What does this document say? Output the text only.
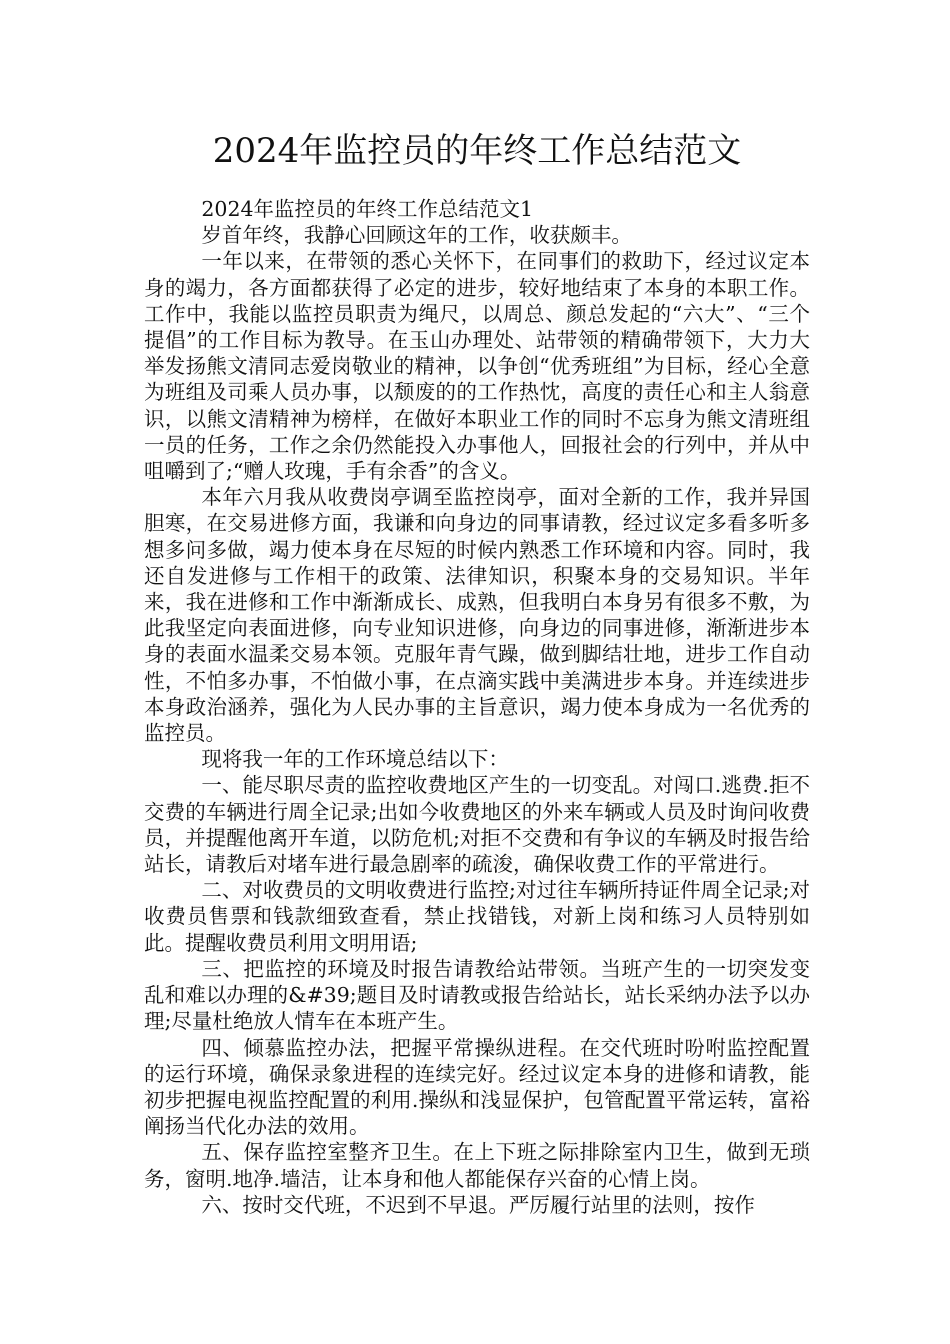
2024年监控员的年终工作总结范文

2024年监控员的年终工作总结范文1

岁首年终，我静心回顾这年的工作，收获颇丰。

一年以来，在带领的悉心关怀下，在同事们的救助下，经过议定本身的竭力，各方面都获得了必定的进步，较好地结束了本身的本职工作。工作中，我能以监控员职责为绳尺，以周总、颜总发起的“六大”、“三个提倡”的工作目标为教导。在玉山办理处、站带领的精确带领下，大力大举发扬熊文清同志爱岗敬业的精神，以争创“优秀班组”为目标，经心全意为班组及司乘人员办事，以颓废的的工作热忱，高度的责任心和主人翁意识，以熊文清精神为榜样，在做好本职业工作的同时不忘身为熊文清班组一员的任务，工作之余仍然能投入办事他人，回报社会的行列中，并从中咀嚼到了;“赠人玫瑰，手有余香”的含义。

本年六月我从收费岗亭调至监控岗亭，面对全新的工作，我并异国胆寒，在交易进修方面，我谦和向身边的同事请教，经过议定多看多听多想多问多做，竭力使本身在尽短的时候内熟悉工作环境和内容。同时，我还自发进修与工作相干的政策、法律知识，积聚本身的交易知识。半年来，我在进修和工作中渐渐成长、成熟，但我明白本身另有很多不敷，为此我坚定向表面进修，向专业知识进修，向身边的同事进修，渐渐进步本身的表面水温柔交易本领。克服年青气躁，做到脚结壮地，进步工作自动性，不怕多办事，不怕做小事，在点滴实践中美满进步本身。并连续进步本身政治涵养，强化为人民办事的主旨意识，竭力使本身成为一名优秀的监控员。

现将我一年的工作环境总结以下：

一、能尽职尽责的监控收费地区产生的一切变乱。对闯口.逃费.拒不交费的车辆进行周全记录;出如今收费地区的外来车辆或人员及时询问收费员，并提醒他离开车道，以防危机;对拒不交费和有争议的车辆及时报告给站长，请教后对堵车进行最急剧率的疏浚，确保收费工作的平常进行。

二、对收费员的文明收费进行监控;对过往车辆所持证件周全记录;对收费员售票和钱款细致查看，禁止找错钱，对新上岗和练习人员特别如此。提醒收费员利用文明用语;

三、把监控的环境及时报告请教给站带领。当班产生的一切突发变乱和难以办理的&#39;题目及时请教或报告给站长，站长采纳办法予以办理;尽量杜绝放人情车在本班产生。

四、倾慕监控办法，把握平常操纵进程。在交代班时吩咐监控配置的运行环境，确保录象进程的连续完好。经过议定本身的进修和请教，能初步把握电视监控配置的利用.操纵和浅显保护，包管配置平常运转，富裕阐扬当代化办法的效用。

五、保存监控室整齐卫生。在上下班之际排除室内卫生，做到无琐务，窗明.地净.墙洁，让本身和他人都能保存兴奋的心情上岗。

六、按时交代班，不迟到不早退。严厉履行站里的法则，按作
